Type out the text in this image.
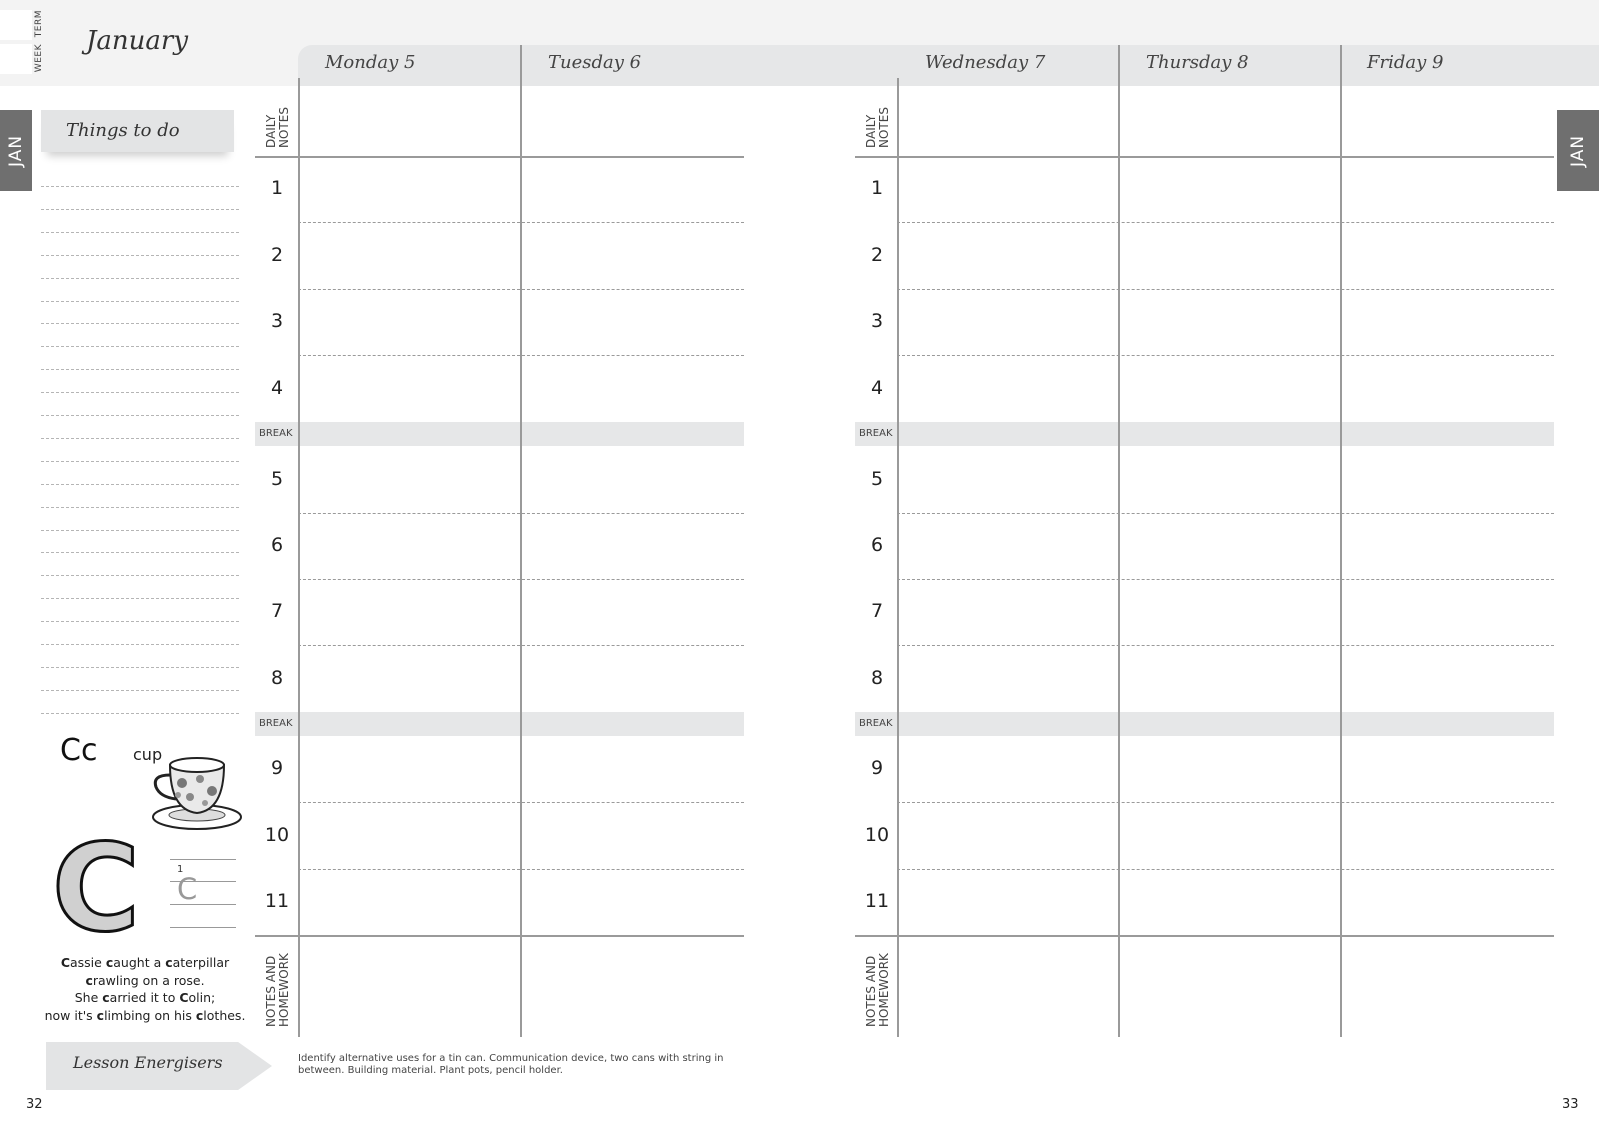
TERM
WEEK
January
Monday 5	Tuesday 6	Wednesday 7	Thursday 8	Friday 9
JAN	JAN
Things to do
Cc cup
C	1
C
Cassie caught a caterpillar
crawling on a rose.
She carried it to Colin;
now it's climbing on his clothes.
Lesson Energisers	Identify alternative uses for a tin can. Communication device, two cans with string in between. Building material. Plant pots, pencil holder.
32	33
BREAK
BREAK
DAILY NOTES
NOTES AND HOMEWORK
1
2
3
4
5
6
7
8
9
10
11
BREAK
BREAK
DAILY NOTES
NOTES AND HOMEWORK
1
2
3
4
5
6
7
8
9
10
11
